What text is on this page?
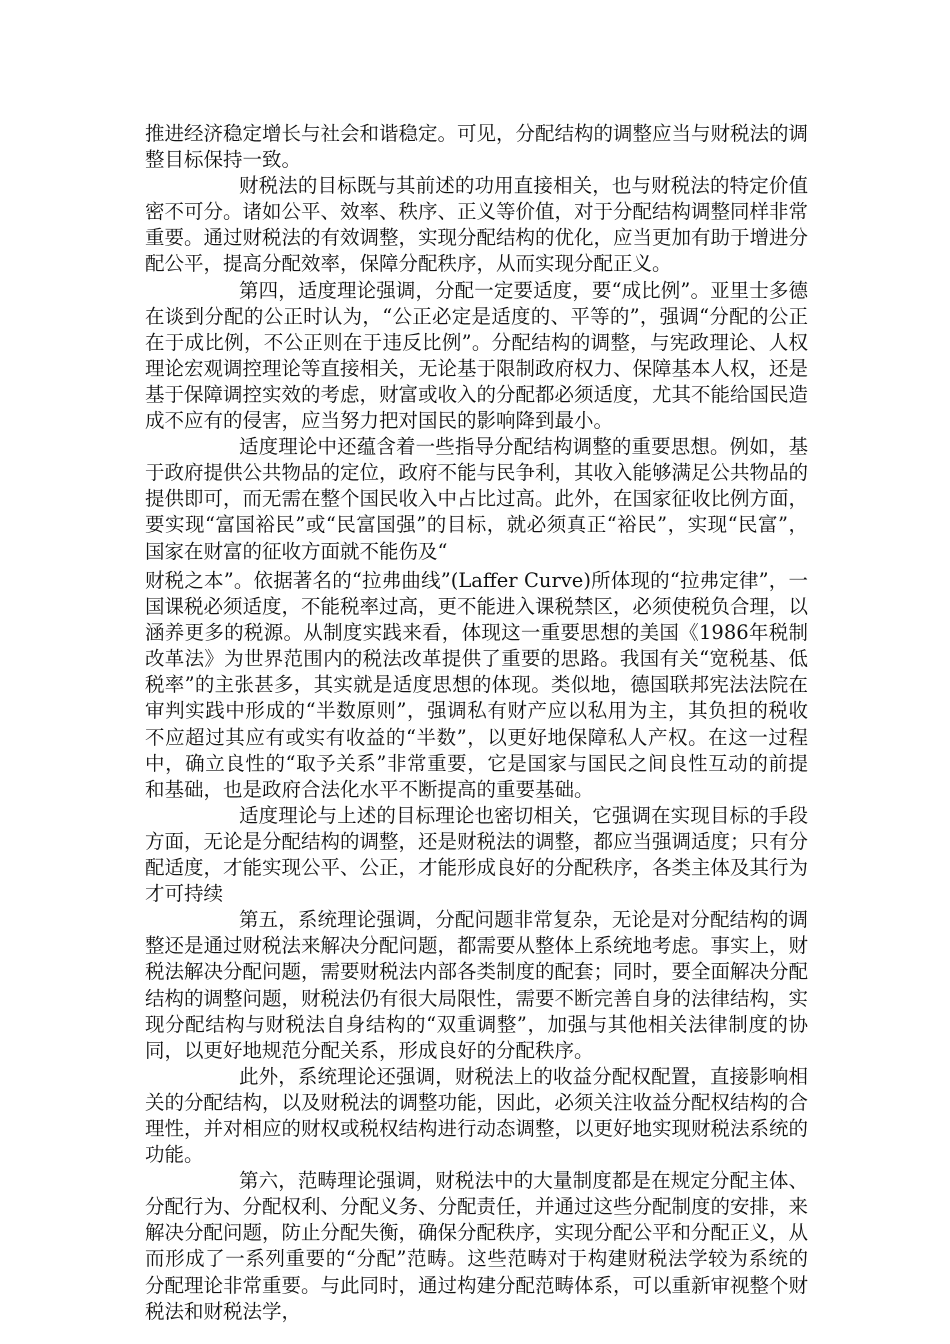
推进经济稳定增长与社会和谐稳定。可见，分配结构的调整应当与财税法的调整目标保持一致。

财税法的目标既与其前述的功用直接相关，也与财税法的特定价值密不可分。诸如公平、效率、秩序、正义等价值，对于分配结构调整同样非常重要。通过财税法的有效调整，实现分配结构的优化，应当更加有助于增进分配公平，提高分配效率，保障分配秩序，从而实现分配正义。

第四，适度理论强调，分配一定要适度，要“成比例”。亚里士多德在谈到分配的公正时认为，“公正必定是适度的、平等的”，强调“分配的公正在于成比例，不公正则在于违反比例”。分配结构的调整，与宪政理论、人权理论宏观调控理论等直接相关，无论基于限制政府权力、保障基本人权，还是基于保障调控实效的考虑，财富或收入的分配都必须适度，尤其不能给国民造成不应有的侵害，应当努力把对国民的影响降到最小。

适度理论中还蕴含着一些指导分配结构调整的重要思想。例如，基于政府提供公共物品的定位，政府不能与民争利，其收入能够满足公共物品的提供即可，而无需在整个国民收入中占比过高。此外，在国家征收比例方面，要实现“富国裕民”或“民富国强”的目标，就必须真正“裕民”，实现“民富”，国家在财富的征收方面就不能伤及“

财税之本”。依据著名的“拉弗曲线”(Laffer Curve)所体现的“拉弗定律”，一国课税必须适度，不能税率过高，更不能进入课税禁区，必须使税负合理，以涵养更多的税源。从制度实践来看，体现这一重要思想的美国《1986年税制改革法》为世界范围内的税法改革提供了重要的思路。我国有关“宽税基、低税率”的主张甚多，其实就是适度思想的体现。类似地，德国联邦宪法法院在审判实践中形成的“半数原则”，强调私有财产应以私用为主，其负担的税收不应超过其应有或实有收益的“半数”，以更好地保障私人产权。在这一过程中，确立良性的“取予关系”非常重要，它是国家与国民之间良性互动的前提和基础，也是政府合法化水平不断提高的重要基础。

适度理论与上述的目标理论也密切相关，它强调在实现目标的手段方面，无论是分配结构的调整，还是财税法的调整，都应当强调适度；只有分配适度，才能实现公平、公正，才能形成良好的分配秩序，各类主体及其行为才可持续

第五，系统理论强调，分配问题非常复杂，无论是对分配结构的调整还是通过财税法来解决分配问题，都需要从整体上系统地考虑。事实上，财税法解决分配问题，需要财税法内部各类制度的配套；同时，要全面解决分配结构的调整问题，财税法仍有很大局限性，需要不断完善自身的法律结构，实现分配结构与财税法自身结构的“双重调整”，加强与其他相关法律制度的协同，以更好地规范分配关系，形成良好的分配秩序。

此外，系统理论还强调，财税法上的收益分配权配置，直接影响相关的分配结构，以及财税法的调整功能，因此，必须关注收益分配权结构的合理性，并对相应的财权或税权结构进行动态调整，以更好地实现财税法系统的功能。

第六，范畴理论强调，财税法中的大量制度都是在规定分配主体、分配行为、分配权利、分配义务、分配责任，并通过这些分配制度的安排，来解决分配问题，防止分配失衡，确保分配秩序，实现分配公平和分配正义，从而形成了一系列重要的“分配”范畴。这些范畴对于构建财税法学较为系统的分配理论非常重要。与此同时，通过构建分配范畴体系，可以重新审视整个财税法和财税法学，
